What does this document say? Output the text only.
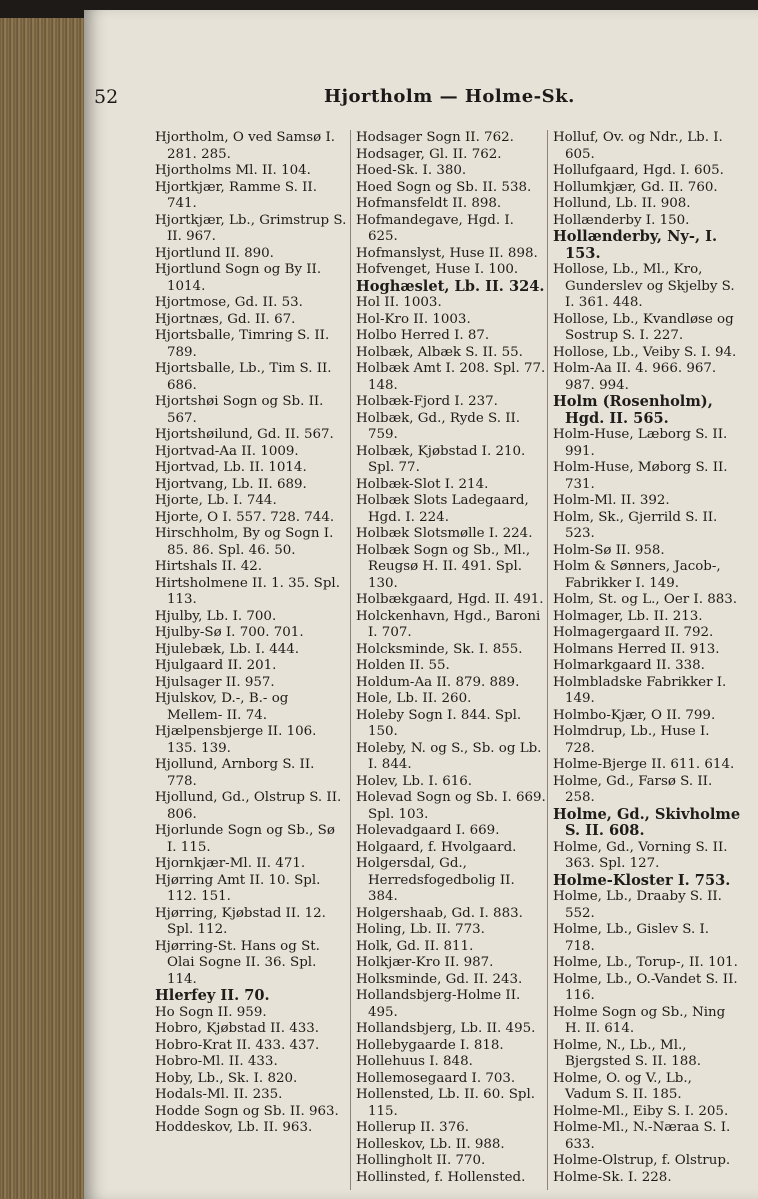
52	Hjortholm — Holme-Sk.
Hjortholm, O ved Samsø I. 281. 285.
Hjortholms Ml. II. 104.
Hjortkjær, Ramme S. II. 741.
Hjortkjær, Lb., Grimstrup S. II. 967.
Hjortlund II. 890.
Hjortlund Sogn og By II. 1014.
Hjortmose, Gd. II. 53.
Hjortnæs, Gd. II. 67.
Hjortsballe, Timring S. II. 789.
Hjortsballe, Lb., Tim S. II. 686.
Hjortshøi Sogn og Sb. II. 567.
Hjortshøilund, Gd. II. 567.
Hjortvad-Aa II. 1009.
Hjortvad, Lb. II. 1014.
Hjortvang, Lb. II. 689.
Hjorte, Lb. I. 744.
Hjorte, O I. 557. 728. 744.
Hirschholm, By og Sogn I. 85. 86. Spl. 46. 50.
Hirtshals II. 42.
Hirtsholmene II. 1. 35. Spl. 113.
Hjulby, Lb. I. 700.
Hjulby-Sø I. 700. 701.
Hjulebæk, Lb. I. 444.
Hjulgaard II. 201.
Hjulsager II. 957.
Hjulskov, D.-, B.- og Mellem- II. 74.
Hjælpensbjerge II. 106. 135. 139.
Hjollund, Arnborg S. II. 778.
Hjollund, Gd., Olstrup S. II. 806.
Hjorlunde Sogn og Sb., Sø I. 115.
Hjornkjær-Ml. II. 471.
Hjørring Amt II. 10. Spl. 112. 151.
Hjørring, Kjøbstad II. 12. Spl. 112.
Hjørring-St. Hans og St. Olai Sogne II. 36. Spl. 114.
Hlerfey II. 70.
Ho Sogn II. 959.
Hobro, Kjøbstad II. 433.
Hobro-Krat II. 433. 437.
Hobro-Ml. II. 433.
Hoby, Lb., Sk. I. 820.
Hodals-Ml. II. 235.
Hodde Sogn og Sb. II. 963.
Hoddeskov, Lb. II. 963.
Hodsager Sogn II. 762.
Hodsager, Gl. II. 762.
Hoed-Sk. I. 380.
Hoed Sogn og Sb. II. 538.
Hofmansfeldt II. 898.
Hofmandegave, Hgd. I. 625.
Hofmanslyst, Huse II. 898.
Hofvenget, Huse I. 100.
Hoghæslet, Lb. II. 324.
Hol II. 1003.
Hol-Kro II. 1003.
Holbo Herred I. 87.
Holbæk, Albæk S. II. 55.
Holbæk Amt I. 208. Spl. 77. 148.
Holbæk-Fjord I. 237.
Holbæk, Gd., Ryde S. II. 759.
Holbæk, Kjøbstad I. 210. Spl. 77.
Holbæk-Slot I. 214.
Holbæk Slots Ladegaard, Hgd. I. 224.
Holbæk Slotsmølle I. 224.
Holbæk Sogn og Sb., Ml., Reugsø H. II. 491. Spl. 130.
Holbækgaard, Hgd. II. 491.
Holckenhavn, Hgd., Baroni I. 707.
Holcksminde, Sk. I. 855.
Holden II. 55.
Holdum-Aa II. 879. 889.
Hole, Lb. II. 260.
Holeby Sogn I. 844. Spl. 150.
Holeby, N. og S., Sb. og Lb. I. 844.
Holev, Lb. I. 616.
Holevad Sogn og Sb. I. 669. Spl. 103.
Holevadgaard I. 669.
Holgaard, f. Hvolgaard.
Holgersdal, Gd., Herredsfogedbolig II. 384.
Holgershaab, Gd. I. 883.
Holing, Lb. II. 773.
Holk, Gd. II. 811.
Holkjær-Kro II. 987.
Holksminde, Gd. II. 243.
Hollandsbjerg-Holme II. 495.
Hollandsbjerg, Lb. II. 495.
Hollebygaarde I. 818.
Hollehuus I. 848.
Hollemosegaard I. 703.
Hollensted, Lb. II. 60. Spl. 115.
Hollerup II. 376.
Holleskov, Lb. II. 988.
Hollingholt II. 770.
Hollinsted, f. Hollensted.
Holluf, Ov. og Ndr., Lb. I. 605.
Hollufgaard, Hgd. I. 605.
Hollumkjær, Gd. II. 760.
Hollund, Lb. II. 908.
Hollænderby I. 150.
Hollænderby, Ny-, I. 153.
Hollose, Lb., Ml., Kro, Gunderslev og Skjelby S. I. 361. 448.
Hollose, Lb., Kvandløse og Sostrup S. I. 227.
Hollose, Lb., Veiby S. I. 94.
Holm-Aa II. 4. 966. 967. 987. 994.
Holm (Rosenholm), Hgd. II. 565.
Holm-Huse, Læborg S. II. 991.
Holm-Huse, Møborg S. II. 731.
Holm-Ml. II. 392.
Holm, Sk., Gjerrild S. II. 523.
Holm-Sø II. 958.
Holm & Sønners, Jacob-, Fabrikker I. 149.
Holm, St. og L., Oer I. 883.
Holmager, Lb. II. 213.
Holmagergaard II. 792.
Holmans Herred II. 913.
Holmarkgaard II. 338.
Holmbladske Fabrikker I. 149.
Holmbo-Kjær, O II. 799.
Holmdrup, Lb., Huse I. 728.
Holme-Bjerge II. 611. 614.
Holme, Gd., Farsø S. II. 258.
Holme, Gd., Skivholme S. II. 608.
Holme, Gd., Vorning S. II. 363. Spl. 127.
Holme-Kloster I. 753.
Holme, Lb., Draaby S. II. 552.
Holme, Lb., Gislev S. I. 718.
Holme, Lb., Torup-, II. 101.
Holme, Lb., O.-Vandet S. II. 116.
Holme Sogn og Sb., Ning H. II. 614.
Holme, N., Lb., Ml., Bjergsted S. II. 188.
Holme, O. og V., Lb., Vadum S. II. 185.
Holme-Ml., Eiby S. I. 205.
Holme-Ml., N.-Næraa S. I. 633.
Holme-Olstrup, f. Olstrup.
Holme-Sk. I. 228.
